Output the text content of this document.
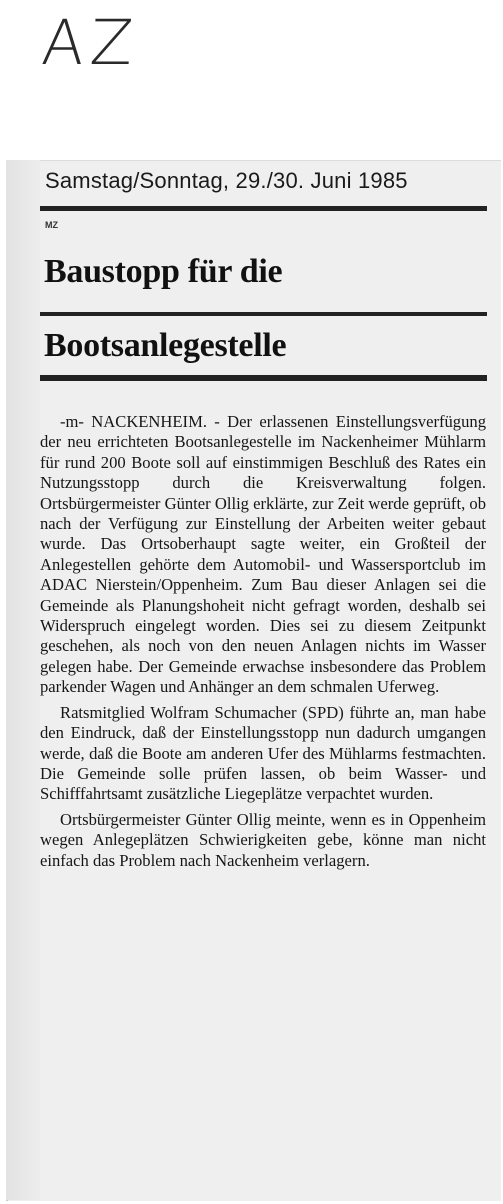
AZ
Samstag/Sonntag, 29./30. Juni 1985
MZ
Baustopp für die
Bootsanlegestelle

-m- NACKENHEIM. - Der erlassenen Einstellungsverfügung der neu errichteten Bootsanlegestelle im Nackenheimer Mühlarm für rund 200 Boote soll auf einstimmigen Beschluß des Rates ein Nutzungsstopp durch die Kreisverwaltung folgen. Ortsbürgermeister Günter Ollig erklärte, zur Zeit werde geprüft, ob nach der Verfügung zur Einstellung der Arbeiten weiter gebaut wurde. Das Ortsoberhaupt sagte weiter, ein Großteil der Anlegestellen gehörte dem Automobil- und Wassersportclub im ADAC Nierstein/Oppenheim. Zum Bau dieser Anlagen sei die Gemeinde als Planungshoheit nicht gefragt worden, deshalb sei Widerspruch eingelegt worden. Dies sei zu diesem Zeitpunkt geschehen, als noch von den neuen Anlagen nichts im Wasser gelegen habe. Der Gemeinde erwachse insbesondere das Problem parkender Wagen und Anhänger an dem schmalen Uferweg.

Ratsmitglied Wolfram Schumacher (SPD) führte an, man habe den Eindruck, daß der Einstellungsstopp nun dadurch umgangen werde, daß die Boote am anderen Ufer des Mühlarms festmachten. Die Gemeinde solle prüfen lassen, ob beim Wasser- und Schifffahrtsamt zusätzliche Liegeplätze verpachtet wurden.

Ortsbürgermeister Günter Ollig meinte, wenn es in Oppenheim wegen Anlegeplätzen Schwierigkeiten gebe, könne man nicht einfach das Problem nach Nackenheim verlagern.
